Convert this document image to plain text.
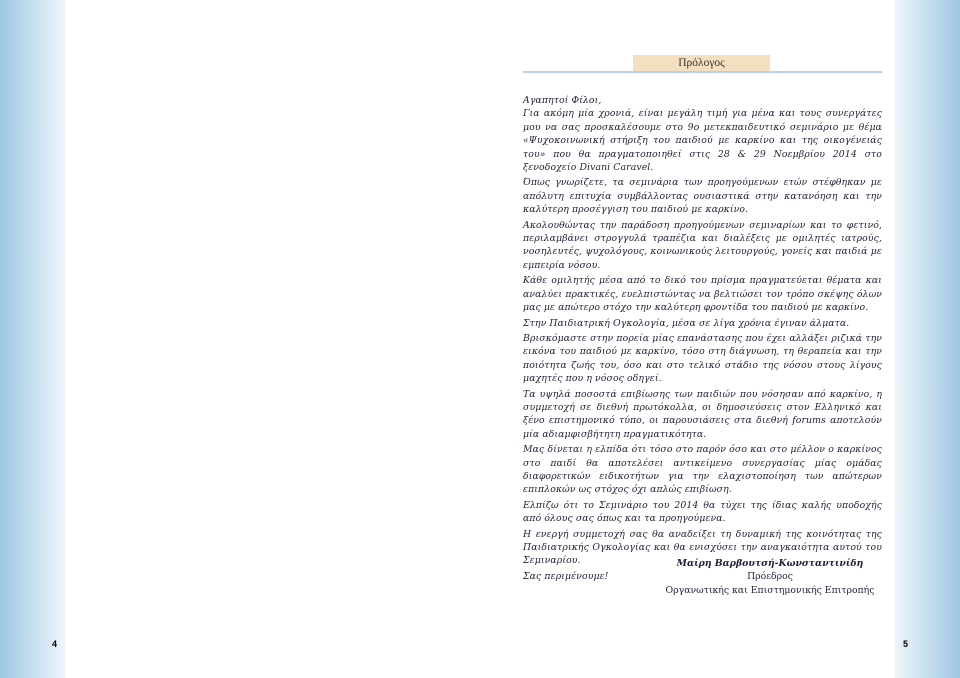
4	5
Πρόλογος

Αγαπητοί Φίλοι,

Για ακόμη μία χρονιά, είναι μεγάλη τιμή για μένα και τους συνεργάτες μου να σας προσκαλέσουμε στο 9ο μετεκπαιδευτικό σεμινάριο με θέμα «Ψυχοκοινωνική στήριξη του παιδιού με καρκίνο και της οικογένειάς του» που θα πραγματοποιηθεί στις 28 & 29 Νοεμβρίου 2014 στο ξενοδοχείο Divani Caravel.

Όπως γνωρίζετε, τα σεμινάρια των προηγούμενων ετών στέφθηκαν με απόλυτη επιτυχία συμβάλλοντας ουσιαστικά στην κατανόηση και την καλύτερη προσέγγιση του παιδιού με καρκίνο.

Ακολουθώντας την παράδοση προηγούμενων σεμιναρίων και το φετινό, περιλαμβάνει στρογγυλά τραπέζια και διαλέξεις με ομιλητές ιατρούς, νοσηλευτές, ψυχολόγους, κοινωνικούς λειτουργούς, γονείς και παιδιά με εμπειρία νόσου.

Κάθε ομιλητής μέσα από το δικό του πρίσμα πραγματεύεται θέματα και αναλύει πρακτικές, ευελπιστώντας να βελτιώσει τον τρόπο σκέψης όλων μας με απώτερο στόχο την καλύτερη φροντίδα του παιδιού με καρκίνο.

Στην Παιδιατρική Ογκολογία, μέσα σε λίγα χρόνια έγιναν άλματα.

Βρισκόμαστε στην πορεία μίας επανάστασης που έχει αλλάξει ριζικά την εικόνα του παιδιού με καρκίνο, τόσο στη διάγνωση, τη θεραπεία και την ποιότητα ζωής του, όσο και στο τελικό στάδιο της νόσου στους λίγους μαχητές που η νόσος οδηγεί.

Τα υψηλά ποσοστά επιβίωσης των παιδιών που νόσησαν από καρκίνο, η συμμετοχή σε διεθνή πρωτόκολλα, οι δημοσιεύσεις στον Ελληνικό και ξένο επιστημονικό τύπο, οι παρουσιάσεις στα διεθνή forums αποτελούν μία αδιαμφισβήτητη πραγματικότητα.

Μας δίνεται η ελπίδα ότι τόσο στο παρόν όσο και στο μέλλον ο καρκίνος στο παιδί θα αποτελέσει αντικείμενο συνεργασίας μίας ομάδας διαφορετικών ειδικοτήτων για την ελαχιστοποίηση των απώτερων επιπλοκών ως στόχος όχι απλώς επιβίωση.

Ελπίζω ότι το Σεμινάριο του 2014 θα τύχει της ίδιας καλής υποδοχής από όλους σας όπως και τα προηγούμενα.

Η ενεργή συμμετοχή σας θα αναδείξει τη δυναμική της κοινότητας της Παιδιατρικής Ογκολογίας και θα ενισχύσει την αναγκαιότητα αυτού του Σεμιναρίου.

Σας περιμένουμε!

Μαίρη Βαρβουτσή-Κωνσταντινίδη
Πρόεδρος
Οργανωτικής και Επιστημονικής Επιτροπής
